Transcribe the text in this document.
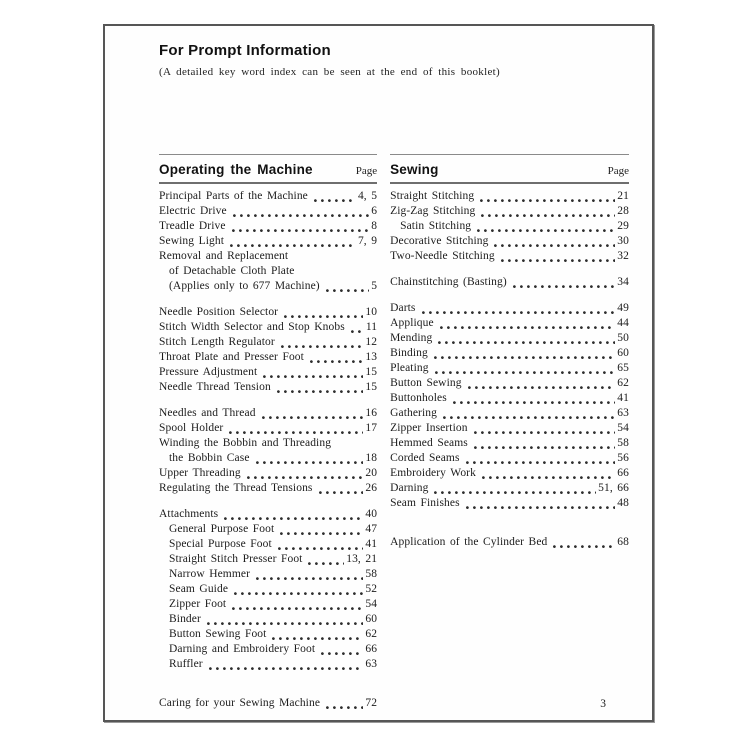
For Prompt Information
(A detailed key word index can be seen at the end of this booklet)
Operating the Machine	Page
Principal Parts of the Machine	4, 5
Electric Drive	6
Treadle Drive	8
Sewing Light	7, 9
Removal and Replacement
of Detachable Cloth Plate
(Applies only to 677 Machine)	5
Needle Position Selector	10
Stitch Width Selector and Stop Knobs 11
Stitch Length Regulator	12
Throat Plate and Presser Foot	13
Pressure Adjustment	15
Needle Thread Tension	15
Needles and Thread	16
Spool Holder	17
Winding the Bobbin and Threading
the Bobbin Case	18
Upper Threading	20
Regulating the Thread Tensions	26
Attachments	40
General Purpose Foot	47
Special Purpose Foot	41
Straight Stitch Presser Foot	13, 21
Narrow Hemmer	58
Seam Guide	52
Zipper Foot	54
Binder	60
Button Sewing Foot	62
Darning and Embroidery Foot	66
Ruffler	63
Caring for your Sewing Machine	72
Sewing	Page
Straight Stitching	21
Zig-Zag Stitching	28
Satin Stitching	29
Decorative Stitching	30
Two-Needle Stitching	32
Chainstitching (Basting)	34
Darts	49
Applique	44
Mending	50
Binding	60
Pleating	65
Button Sewing	62
Buttonholes	41
Gathering	63
Zipper Insertion	54
Hemmed Seams	58
Corded Seams	56
Embroidery Work	66
Darning	51, 66
Seam Finishes	48
Application of the Cylinder Bed	68
3
